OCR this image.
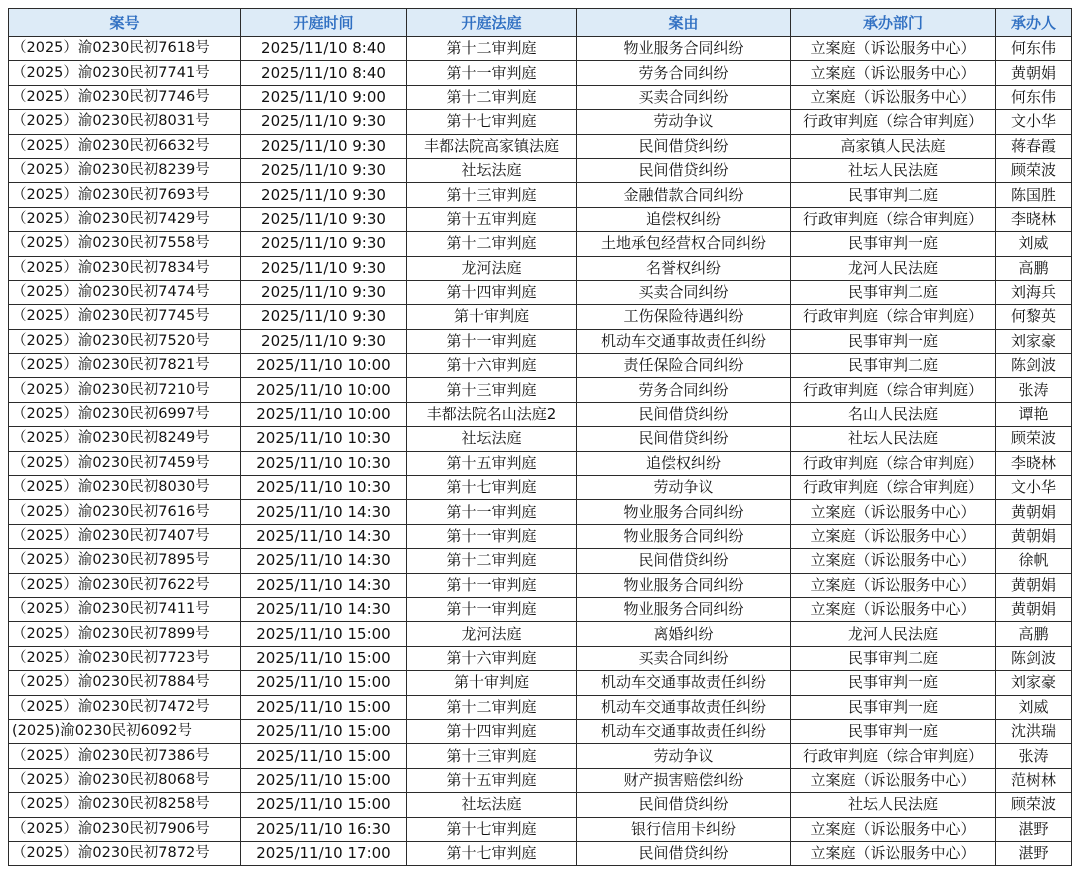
案号	开庭时间	开庭法庭	案由	承办部门	承办人
（2025）渝0230民初7618号	2025/11/10 8:40	第十二审判庭	物业服务合同纠纷	立案庭（诉讼服务中心）	何东伟
（2025）渝0230民初7741号	2025/11/10 8:40	第十一审判庭	劳务合同纠纷	立案庭（诉讼服务中心）	黄朝娟
（2025）渝0230民初7746号	2025/11/10 9:00	第十二审判庭	买卖合同纠纷	立案庭（诉讼服务中心）	何东伟
（2025）渝0230民初8031号	2025/11/10 9:30	第十七审判庭	劳动争议	行政审判庭（综合审判庭）	文小华
（2025）渝0230民初6632号	2025/11/10 9:30	丰都法院高家镇法庭	民间借贷纠纷	高家镇人民法庭	蒋春霞
（2025）渝0230民初8239号	2025/11/10 9:30	社坛法庭	民间借贷纠纷	社坛人民法庭	顾荣波
（2025）渝0230民初7693号	2025/11/10 9:30	第十三审判庭	金融借款合同纠纷	民事审判二庭	陈国胜
（2025）渝0230民初7429号	2025/11/10 9:30	第十五审判庭	追偿权纠纷	行政审判庭（综合审判庭）	李晓林
（2025）渝0230民初7558号	2025/11/10 9:30	第十二审判庭	土地承包经营权合同纠纷	民事审判一庭	刘威
（2025）渝0230民初7834号	2025/11/10 9:30	龙河法庭	名誉权纠纷	龙河人民法庭	高鹏
（2025）渝0230民初7474号	2025/11/10 9:30	第十四审判庭	买卖合同纠纷	民事审判二庭	刘海兵
（2025）渝0230民初7745号	2025/11/10 9:30	第十审判庭	工伤保险待遇纠纷	行政审判庭（综合审判庭）	何黎英
（2025）渝0230民初7520号	2025/11/10 9:30	第十一审判庭	机动车交通事故责任纠纷	民事审判一庭	刘家豪
（2025）渝0230民初7821号	2025/11/10 10:00	第十六审判庭	责任保险合同纠纷	民事审判二庭	陈剑波
（2025）渝0230民初7210号	2025/11/10 10:00	第十三审判庭	劳务合同纠纷	行政审判庭（综合审判庭）	张涛
（2025）渝0230民初6997号	2025/11/10 10:00	丰都法院名山法庭2	民间借贷纠纷	名山人民法庭	谭艳
（2025）渝0230民初8249号	2025/11/10 10:30	社坛法庭	民间借贷纠纷	社坛人民法庭	顾荣波
（2025）渝0230民初7459号	2025/11/10 10:30	第十五审判庭	追偿权纠纷	行政审判庭（综合审判庭）	李晓林
（2025）渝0230民初8030号	2025/11/10 10:30	第十七审判庭	劳动争议	行政审判庭（综合审判庭）	文小华
（2025）渝0230民初7616号	2025/11/10 14:30	第十一审判庭	物业服务合同纠纷	立案庭（诉讼服务中心）	黄朝娟
（2025）渝0230民初7407号	2025/11/10 14:30	第十一审判庭	物业服务合同纠纷	立案庭（诉讼服务中心）	黄朝娟
（2025）渝0230民初7895号	2025/11/10 14:30	第十二审判庭	民间借贷纠纷	立案庭（诉讼服务中心）	徐帆
（2025）渝0230民初7622号	2025/11/10 14:30	第十一审判庭	物业服务合同纠纷	立案庭（诉讼服务中心）	黄朝娟
（2025）渝0230民初7411号	2025/11/10 14:30	第十一审判庭	物业服务合同纠纷	立案庭（诉讼服务中心）	黄朝娟
（2025）渝0230民初7899号	2025/11/10 15:00	龙河法庭	离婚纠纷	龙河人民法庭	高鹏
（2025）渝0230民初7723号	2025/11/10 15:00	第十六审判庭	买卖合同纠纷	民事审判二庭	陈剑波
（2025）渝0230民初7884号	2025/11/10 15:00	第十审判庭	机动车交通事故责任纠纷	民事审判一庭	刘家豪
（2025）渝0230民初7472号	2025/11/10 15:00	第十二审判庭	机动车交通事故责任纠纷	民事审判一庭	刘威
(2025)渝0230民初6092号	2025/11/10 15:00	第十四审判庭	机动车交通事故责任纠纷	民事审判一庭	沈洪瑞
（2025）渝0230民初7386号	2025/11/10 15:00	第十三审判庭	劳动争议	行政审判庭（综合审判庭）	张涛
（2025）渝0230民初8068号	2025/11/10 15:00	第十五审判庭	财产损害赔偿纠纷	立案庭（诉讼服务中心）	范树林
（2025）渝0230民初8258号	2025/11/10 15:00	社坛法庭	民间借贷纠纷	社坛人民法庭	顾荣波
（2025）渝0230民初7906号	2025/11/10 16:30	第十七审判庭	银行信用卡纠纷	立案庭（诉讼服务中心）	湛野
（2025）渝0230民初7872号	2025/11/10 17:00	第十七审判庭	民间借贷纠纷	立案庭（诉讼服务中心）	湛野
